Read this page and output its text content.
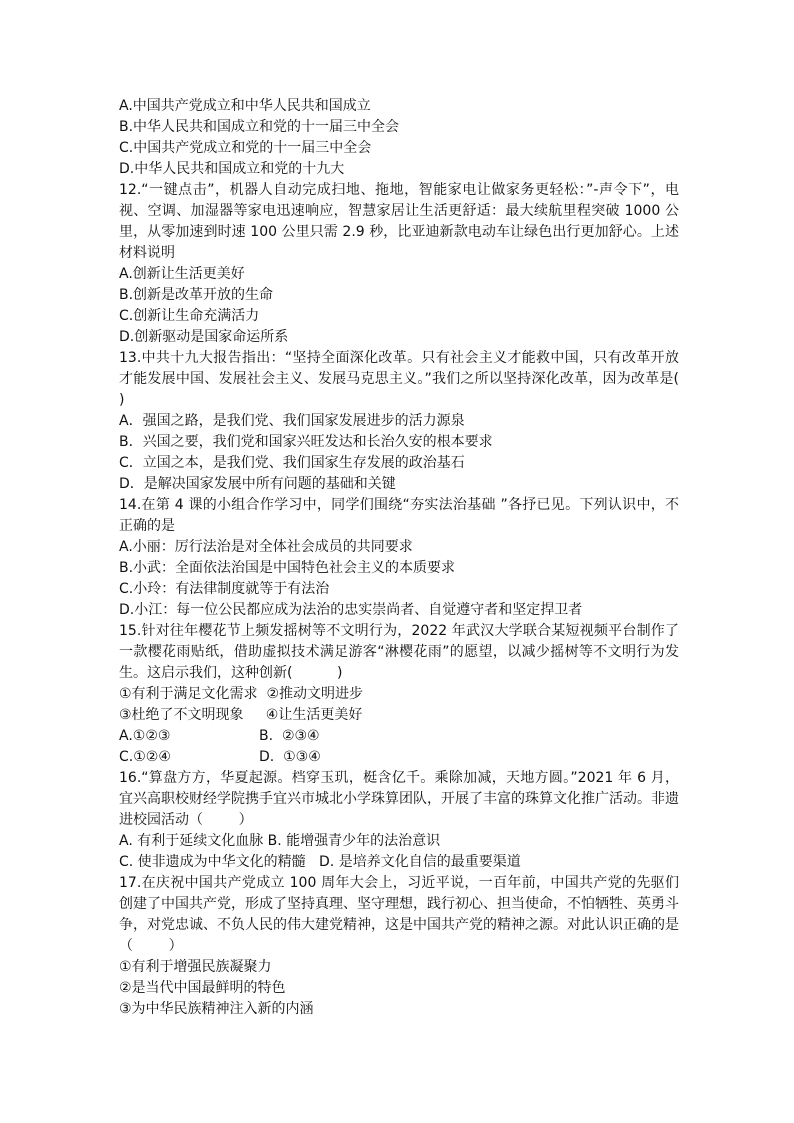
A.中国共产党成立和中华人民共和国成立

B.中华人民共和国成立和党的十一届三中全会

C.中国共产党成立和党的十一届三中全会

D.中华人民共和国成立和党的十九大

12.“一键点击”，机器人自动完成扫地、拖地，智能家电让做家务更轻松：”-声令下”，电视、空调、加湿器等家电迅速响应，智慧家居让生活更舒适：最大续航里程突破 1000 公里，从零加速到时速 100 公里只需 2.9 秒，比亚迪新款电动车让绿色出行更加舒心。上述材料说明

A.创新让生活更美好

B.创新是改革开放的生命

C.创新让生命充满活力

D.创新驱动是国家命运所系

13.中共十九大报告指出：“坚持全面深化改革。只有社会主义才能救中国，只有改革开放才能发展中国、发展社会主义、发展马克思主义。”我们之所以坚持深化改革，因为改革是(        )

A．强国之路，是我们党、我们国家发展进步的活力源泉

B．兴国之要，我们党和国家兴旺发达和长治久安的根本要求

C．立国之本，是我们党、我们国家生存发展的政治基石

D．是解决国家发展中所有问题的基础和关键

14.在第 4 课的小组合作学习中，同学们围绕“夯实法治基础 ”各抒已见。下列认识中，不正确的是

A.小丽：厉行法治是对全体社会成员的共同要求

B.小武：全面依法治国是中国特色社会主义的本质要求

C.小玲：有法律制度就等于有法治

D.小江：每一位公民都应成为法治的忠实崇尚者、自觉遵守者和坚定捍卫者

15.针对往年樱花节上频发摇树等不文明行为，2022 年武汉大学联合某短视频平台制作了一款樱花雨贴纸，借助虚拟技术满足游客“淋樱花雨”的愿望，以减少摇树等不文明行为发生。这启示我们，这种创新(          )

①有利于满足文化需求  ②推动文明进步

③杜绝了不文明现象     ④让生活更美好

A.①②③	B.  ②③④
C.①②④	D.  ①③④

16.“算盘方方，华夏起源。档穿玉玑，梃含亿千。乘除加减，天地方圆。”2021 年 6 月，宜兴高职校财经学院携手宜兴市城北小学珠算团队，开展了丰富的珠算文化推广活动。非遗进校园活动（        ）

A. 有利于延续文化血脉 B. 能增强青少年的法治意识

C. 使非遗成为中华文化的精髓   D. 是培养文化自信的最重要渠道

17.在庆祝中国共产党成立 100 周年大会上，习近平说，一百年前，中国共产党的先驱们创建了中国共产党，形成了坚持真理、坚守理想，践行初心、担当使命，不怕牺牲、英勇斗争，对党忠诚、不负人民的伟大建党精神，这是中国共产党的精神之源。对此认识正确的是（        ）

①有利于增强民族凝聚力

②是当代中国最鲜明的特色

③为中华民族精神注入新的内涵
